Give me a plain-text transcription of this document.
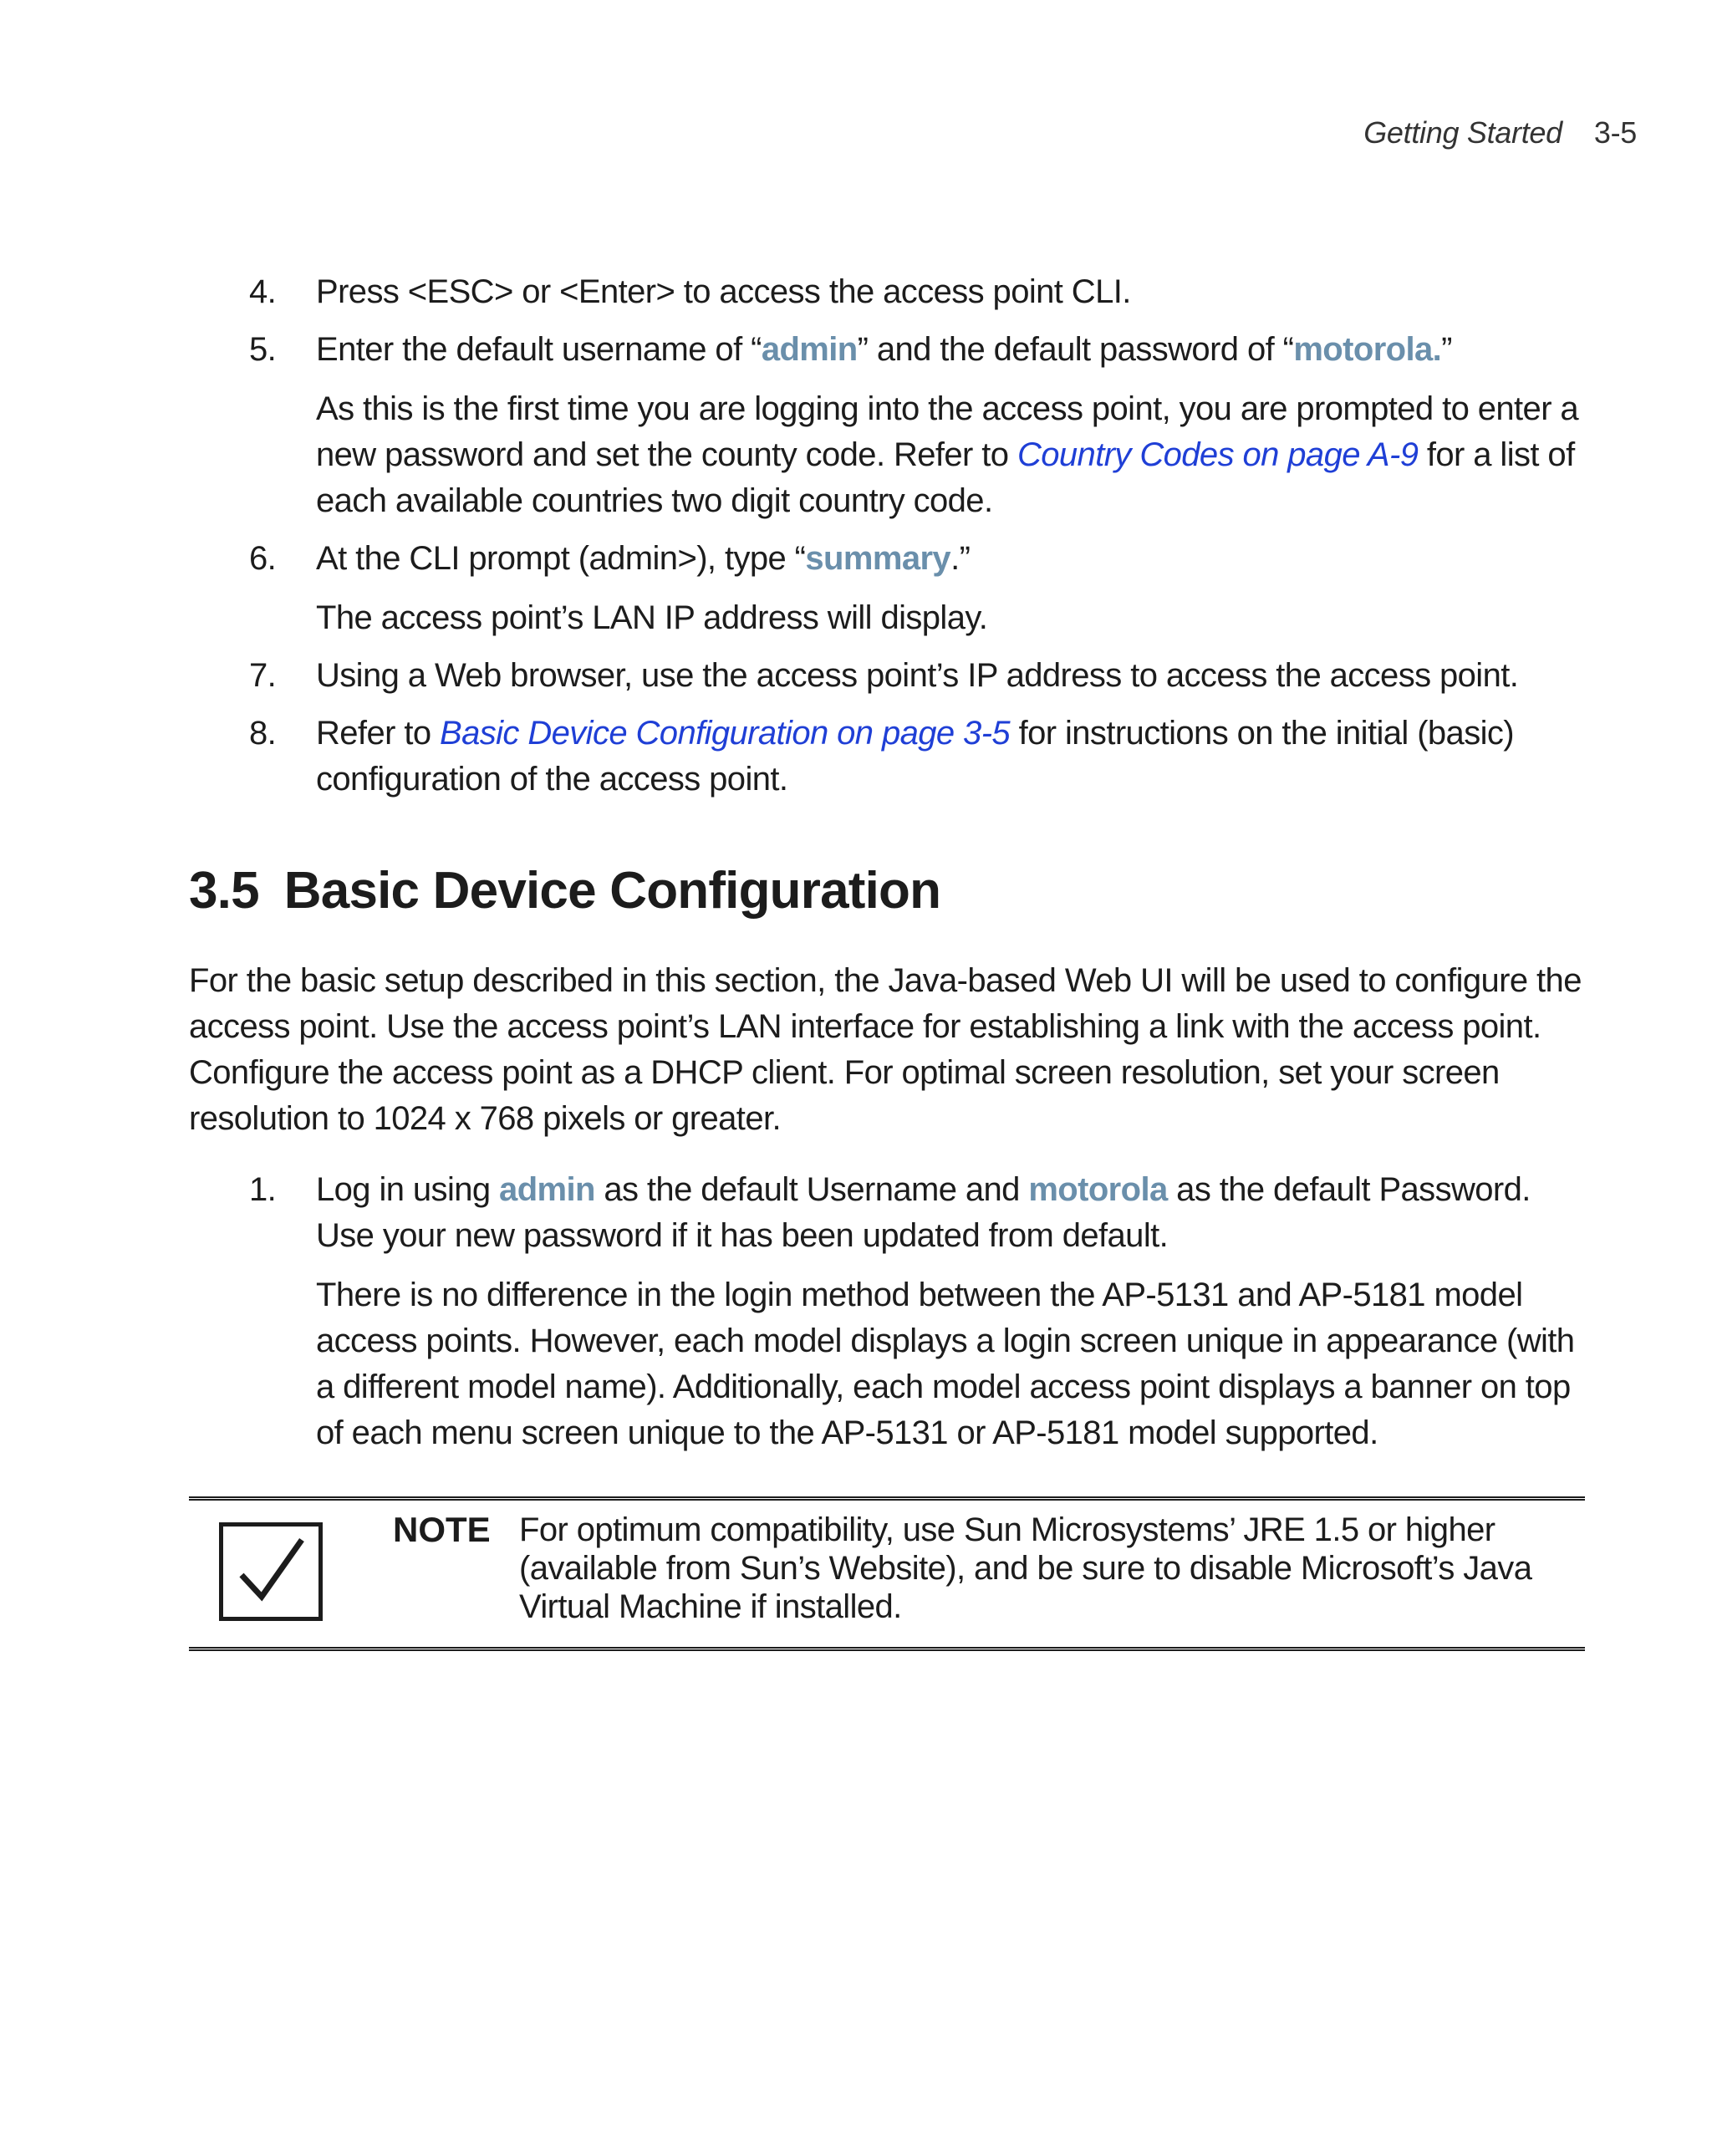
Getting Started 3-5
4. Press <ESC> or <Enter> to access the access point CLI.

5. Enter the default username of “admin” and the default password of “motorola.”

As this is the first time you are logging into the access point, you are prompted to enter a new password and set the county code. Refer to Country Codes on page A-9 for a list of each available countries two digit country code.

6. At the CLI prompt (admin>), type “summary.”

The access point’s LAN IP address will display.

7. Using a Web browser, use the access point’s IP address to access the access point.

8. Refer to Basic Device Configuration on page 3-5 for instructions on the initial (basic) configuration of the access point.

3.5 Basic Device Configuration

For the basic setup described in this section, the Java-based Web UI will be used to configure the access point. Use the access point’s LAN interface for establishing a link with the access point. Configure the access point as a DHCP client. For optimal screen resolution, set your screen resolution to 1024 x 768 pixels or greater.

1. Log in using admin as the default Username and motorola as the default Password. Use your new password if it has been updated from default.

There is no difference in the login method between the AP-5131 and AP-5181 model access points. However, each model displays a login screen unique in appearance (with a different model name). Additionally, each model access point displays a banner on top of each menu screen unique to the AP-5131 or AP-5181 model supported.

NOTE For optimum compatibility, use Sun Microsystems’ JRE 1.5 or higher (available from Sun’s Website), and be sure to disable Microsoft’s Java Virtual Machine if installed.
